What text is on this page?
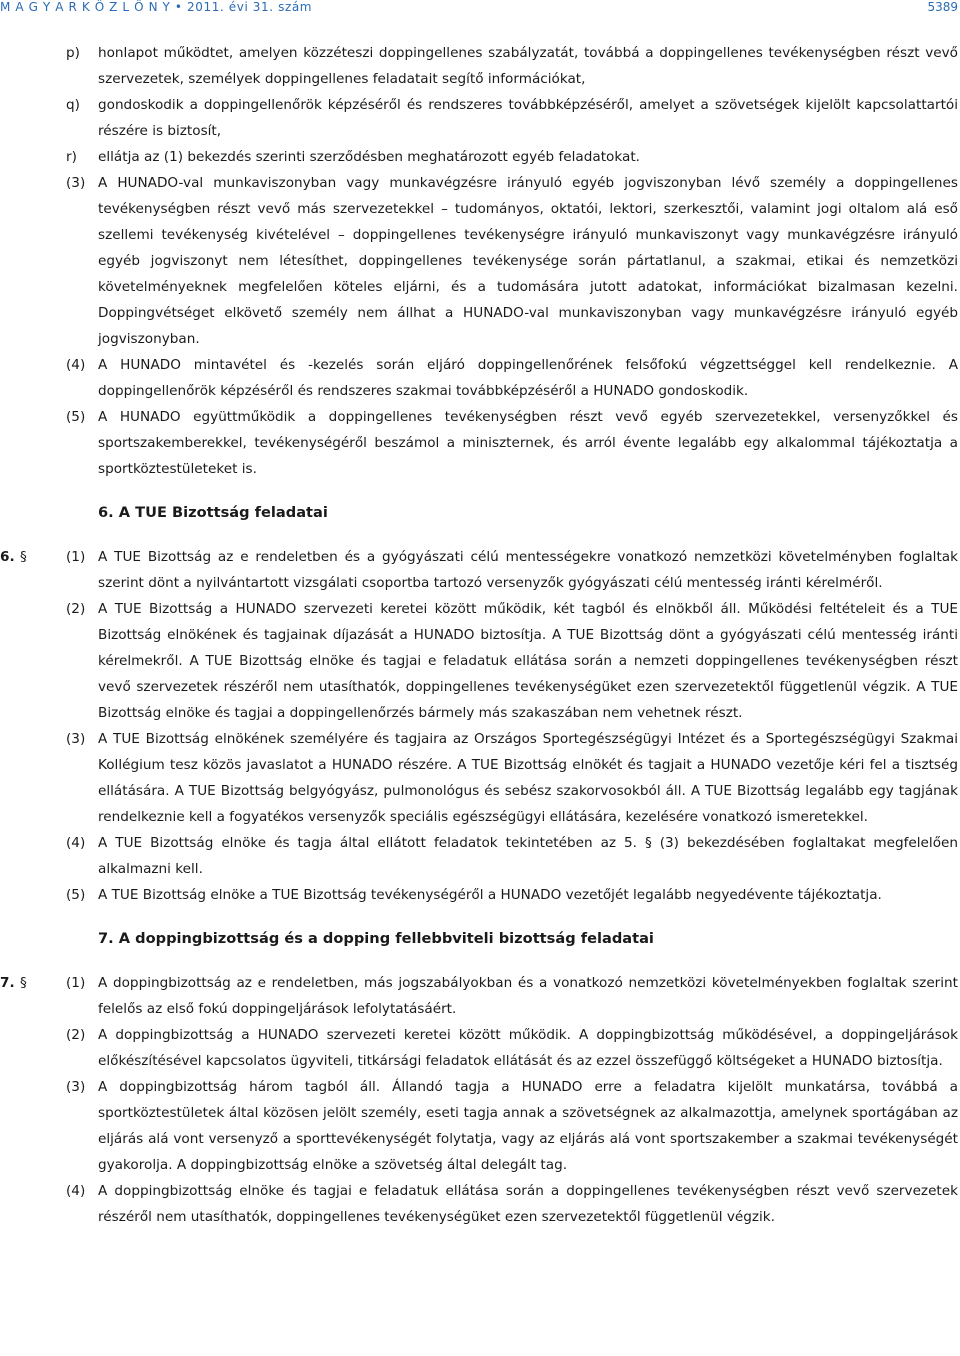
M A G Y A R K Ö Z L Ö N Y • 2011. évi 31. szám	5389
p) honlapot működtet, amelyen közzéteszi doppingellenes szabályzatát, továbbá a doppingellenes tevékenységben részt vevő szervezetek, személyek doppingellenes feladatait segítő információkat,
q) gondoskodik a doppingellenőrök képzéséről és rendszeres továbbképzéséről, amelyet a szövetségek kijelölt kapcsolattartói részére is biztosít,
r) ellátja az (1) bekezdés szerinti szerződésben meghatározott egyéb feladatokat.
(3) A HUNADO-val munkaviszonyban vagy munkavégzésre irányuló egyéb jogviszonyban lévő személy a doppingellenes tevékenységben részt vevő más szervezetekkel – tudományos, oktatói, lektori, szerkesztői, valamint jogi oltalom alá eső szellemi tevékenység kivételével – doppingellenes tevékenységre irányuló munkaviszonyt vagy munkavégzésre irányuló egyéb jogviszonyt nem létesíthet, doppingellenes tevékenysége során pártatlanul, a szakmai, etikai és nemzetközi követelményeknek megfelelően köteles eljárni, és a tudomására jutott adatokat, információkat bizalmasan kezelni. Doppingvétséget elkövető személy nem állhat a HUNADO-val munkaviszonyban vagy munkavégzésre irányuló egyéb jogviszonyban.
(4) A HUNADO mintavétel és -kezelés során eljáró doppingellenőrének felsőfokú végzettséggel kell rendelkeznie. A doppingellenőrök képzéséről és rendszeres szakmai továbbképzéséről a HUNADO gondoskodik.
(5) A HUNADO együttműködik a doppingellenes tevékenységben részt vevő egyéb szervezetekkel, versenyzőkkel és sportszakemberekkel, tevékenységéről beszámol a miniszternek, és arról évente legalább egy alkalommal tájékoztatja a sportköztestületeket is.
6. A TUE Bizottság feladatai
6. §	(1) A TUE Bizottság az e rendeletben és a gyógyászati célú mentességekre vonatkozó nemzetközi követelményben foglaltak szerint dönt a nyilvántartott vizsgálati csoportba tartozó versenyzők gyógyászati célú mentesség iránti kérelméről.
(2) A TUE Bizottság a HUNADO szervezeti keretei között működik, két tagból és elnökből áll. Működési feltételeit és a TUE Bizottság elnökének és tagjainak díjazását a HUNADO biztosítja. A TUE Bizottság dönt a gyógyászati célú mentesség iránti kérelmekről. A TUE Bizottság elnöke és tagjai e feladatuk ellátása során a nemzeti doppingellenes tevékenységben részt vevő szervezetek részéről nem utasíthatók, doppingellenes tevékenységüket ezen szervezetektől függetlenül végzik. A TUE Bizottság elnöke és tagjai a doppingellenőrzés bármely más szakaszában nem vehetnek részt.
(3) A TUE Bizottság elnökének személyére és tagjaira az Országos Sportegészségügyi Intézet és a Sportegészségügyi Szakmai Kollégium tesz közös javaslatot a HUNADO részére. A TUE Bizottság elnökét és tagjait a HUNADO vezetője kéri fel a tisztség ellátására. A TUE Bizottság belgyógyász, pulmonológus és sebész szakorvosokból áll. A TUE Bizottság legalább egy tagjának rendelkeznie kell a fogyatékos versenyzők speciális egészségügyi ellátására, kezelésére vonatkozó ismeretekkel.
(4) A TUE Bizottság elnöke és tagja által ellátott feladatok tekintetében az 5. § (3) bekezdésében foglaltakat megfelelően alkalmazni kell.
(5) A TUE Bizottság elnöke a TUE Bizottság tevékenységéről a HUNADO vezetőjét legalább negyedévente tájékoztatja.
7. A doppingbizottság és a dopping fellebbviteli bizottság feladatai
7. §	(1) A doppingbizottság az e rendeletben, más jogszabályokban és a vonatkozó nemzetközi követelményekben foglaltak szerint felelős az első fokú doppingeljárások lefolytatásáért.
(2) A doppingbizottság a HUNADO szervezeti keretei között működik. A doppingbizottság működésével, a doppingeljárások előkészítésével kapcsolatos ügyviteli, titkársági feladatok ellátását és az ezzel összefüggő költségeket a HUNADO biztosítja.
(3) A doppingbizottság három tagból áll. Állandó tagja a HUNADO erre a feladatra kijelölt munkatársa, továbbá a sportköztestületek által közösen jelölt személy, eseti tagja annak a szövetségnek az alkalmazottja, amelynek sportágában az eljárás alá vont versenyző a sporttevékenységét folytatja, vagy az eljárás alá vont sportszakember a szakmai tevékenységét gyakorolja. A doppingbizottság elnöke a szövetség által delegált tag.
(4) A doppingbizottság elnöke és tagjai e feladatuk ellátása során a doppingellenes tevékenységben részt vevő szervezetek részéről nem utasíthatók, doppingellenes tevékenységüket ezen szervezetektől függetlenül végzik.
